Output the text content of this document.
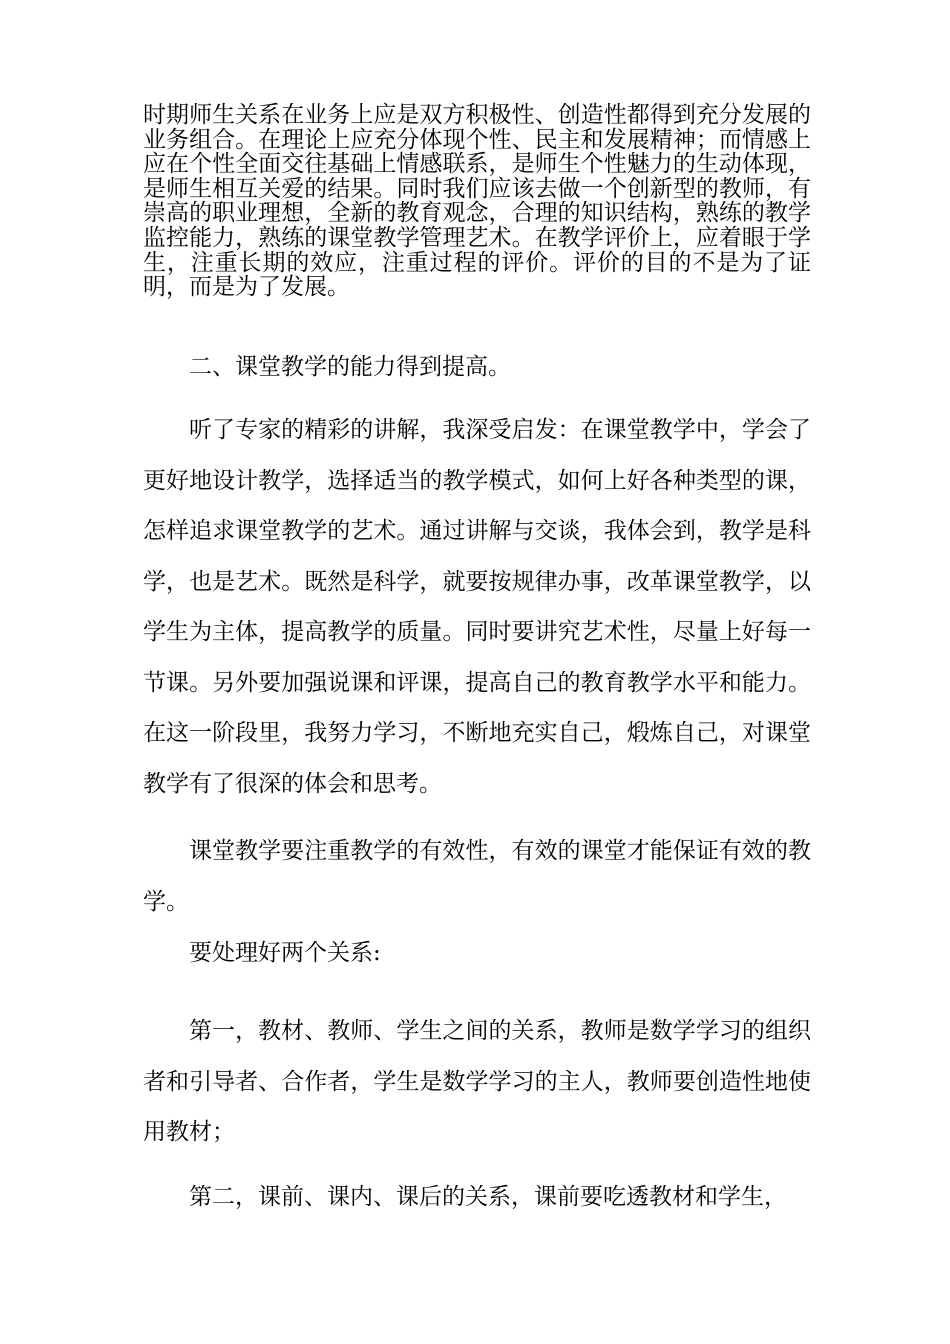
时期师生关系在业务上应是双方积极性、创造性都得到充分发展的业务组合。在理论上应充分体现个性、民主和发展精神；而情感上应在个性全面交往基础上情感联系，是师生个性魅力的生动体现，是师生相互关爱的结果。同时我们应该去做一个创新型的教师，有崇高的职业理想，全新的教育观念，合理的知识结构，熟练的教学监控能力，熟练的课堂教学管理艺术。在教学评价上，应着眼于学生，注重长期的效应，注重过程的评价。评价的目的不是为了证明，而是为了发展。

二、课堂教学的能力得到提高。

听了专家的精彩的讲解，我深受启发：在课堂教学中，学会了更好地设计教学，选择适当的教学模式，如何上好各种类型的课，怎样追求课堂教学的艺术。通过讲解与交谈，我体会到，教学是科学，也是艺术。既然是科学，就要按规律办事，改革课堂教学，以学生为主体，提高教学的质量。同时要讲究艺术性，尽量上好每一节课。另外要加强说课和评课，提高自己的教育教学水平和能力。在这一阶段里，我努力学习，不断地充实自己，煅炼自己，对课堂教学有了很深的体会和思考。

课堂教学要注重教学的有效性，有效的课堂才能保证有效的教学。

要处理好两个关系:

第一，教材、教师、学生之间的关系，教师是数学学习的组织者和引导者、合作者，学生是数学学习的主人，教师要创造性地使用教材；

第二，课前、课内、课后的关系，课前要吃透教材和学生，
